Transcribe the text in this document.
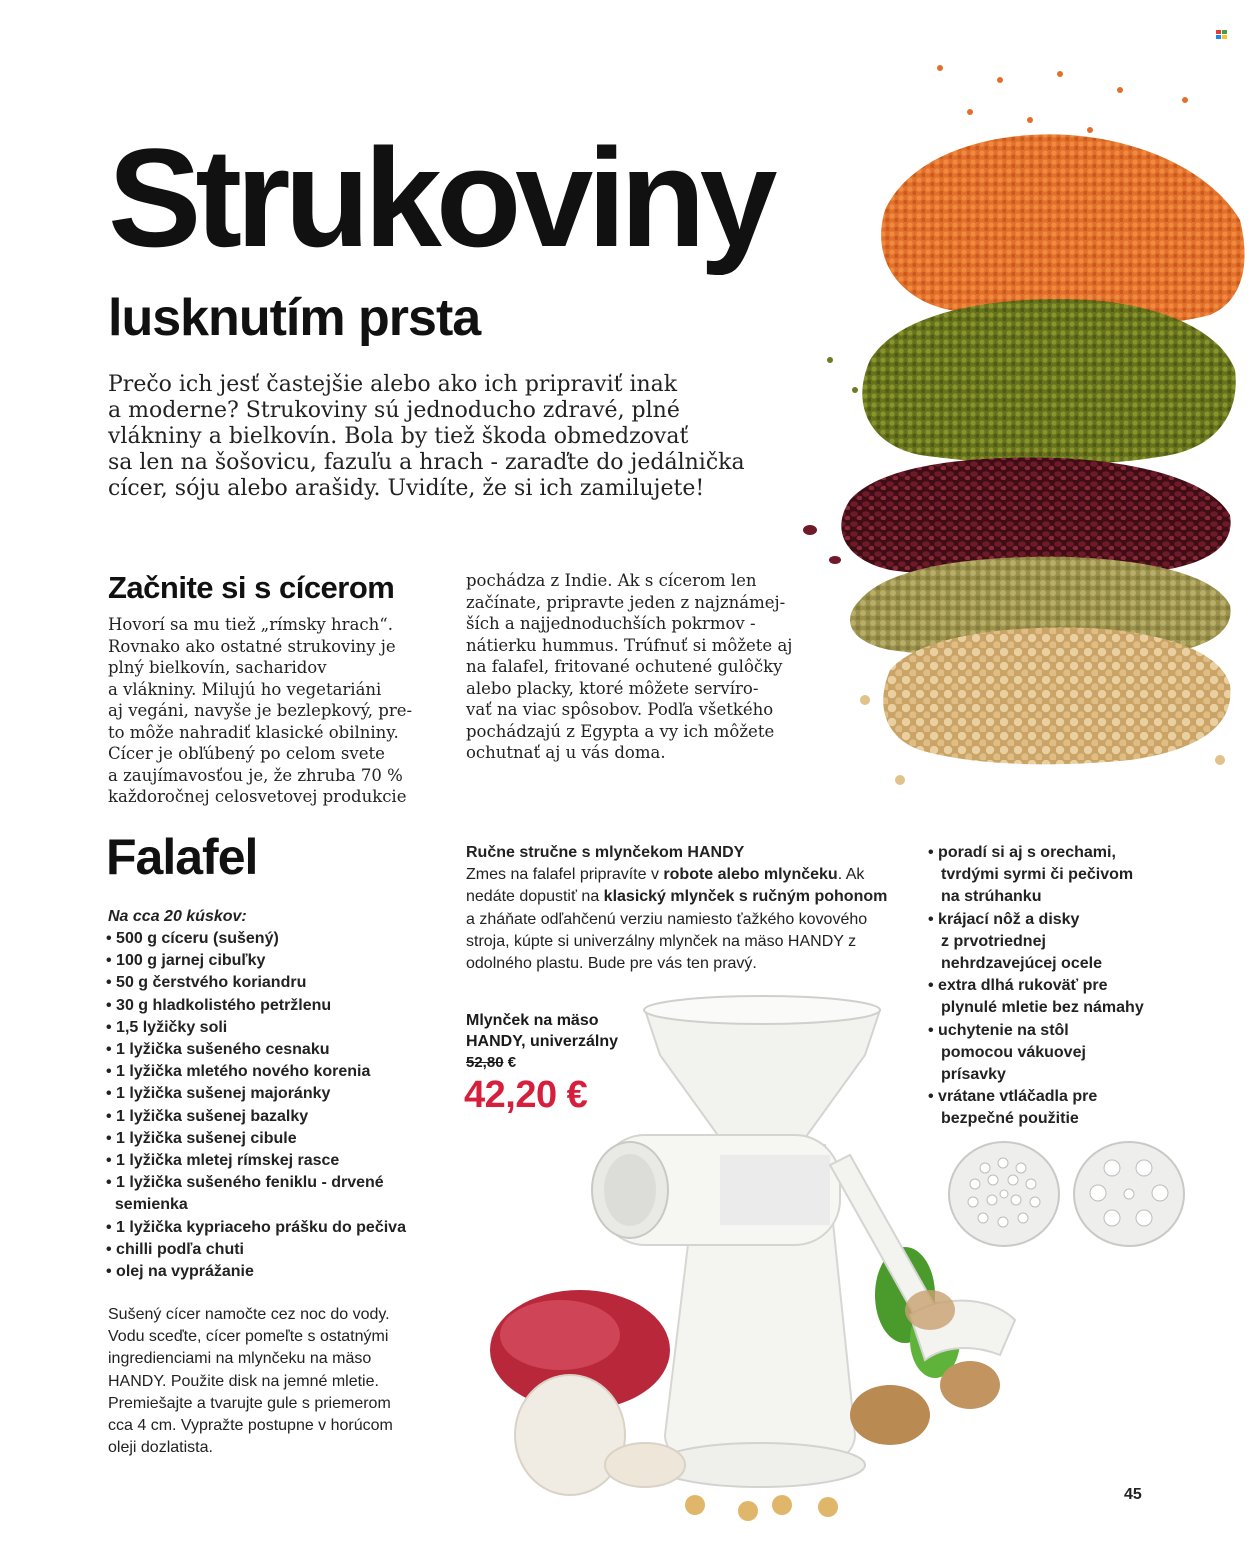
Strukoviny
lusknutím prsta
Prečo ich jesť častejšie alebo ako ich pripraviť inak
a moderne? Strukoviny sú jednoducho zdravé, plné
vlákniny a bielkovín. Bola by tiež škoda obmedzovať
sa len na šošovicu, fazuľu a hrach - zaraďte do jedálnička
cícer, sóju alebo arašidy. Uvidíte, že si ich zamilujete!
Začnite si s cícerom
Hovorí sa mu tiež „rímsky hrach“.
Rovnako ako ostatné strukoviny je
plný bielkovín, sacharidov
a vlákniny. Milujú ho vegetariáni
aj vegáni, navyše je bezlepkový, pre-
to môže nahradiť klasické obilniny.
Cícer je obľúbený po celom svete
a zaujímavosťou je, že zhruba 70 %
každoročnej celosvetovej produkcie
pochádza z Indie. Ak s cícerom len
začínate, pripravte jeden z najznámej-
ších a najjednoduchších pokrmov -
nátierku hummus. Trúfnuť si môžete aj
na falafel, fritované ochutené gulôčky
alebo placky, ktoré môžete servíro-
vať na viac spôsobov. Podľa všetkého
pochádzajú z Egypta a vy ich môžete
ochutnať aj u vás doma.
Falafel
Na cca 20 kúskov:
• 500 g cíceru (sušený)
• 100 g jarnej cibuľky
• 50 g čerstvého koriandru
• 30 g hladkolistého petržlenu
• 1,5 lyžičky soli
• 1 lyžička sušeného cesnaku
• 1 lyžička mletého nového korenia
• 1 lyžička sušenej majoránky
• 1 lyžička sušenej bazalky
• 1 lyžička sušenej cibule
• 1 lyžička mletej rímskej rasce
• 1 lyžička sušeného feniklu - drvené
semienka
• 1 lyžička kypriaceho prášku do pečiva
• chilli podľa chuti
• olej na vyprážanie
Sušený cícer namočte cez noc do vody.
Vodu sceďte, cícer pomeľte s ostatnými
ingredienciami na mlynčeku na mäso
HANDY. Použite disk na jemné mletie.
Premiešajte a tvarujte gule s priemerom
cca 4 cm. Vypražte postupne v horúcom
oleji dozlatista.
Ručne stručne s mlynčekom HANDY
Zmes na falafel pripravíte v robote alebo mlynčeku. Ak
nedáte dopustiť na klasický mlynček s ručným pohonom
a zháňate odľahčenú verziu namiesto ťažkého kovového
stroja, kúpte si univerzálny mlynček na mäso HANDY z
odolného plastu. Bude pre vás ten pravý.
• poradí si aj s orechami,
tvrdými syrmi či pečivom
na strúhanku
• krájací nôž a disky
z prvotriednej
nehrdzavejúcej ocele
• extra dlhá rukoväť pre
plynulé mletie bez námahy
• uchytenie na stôl
pomocou vákuovej
prísavky
• vrátane vtláčadla pre
bezpečné použitie
Mlynček na mäso
HANDY, univerzálny
52,80 €
42,20 €
45
